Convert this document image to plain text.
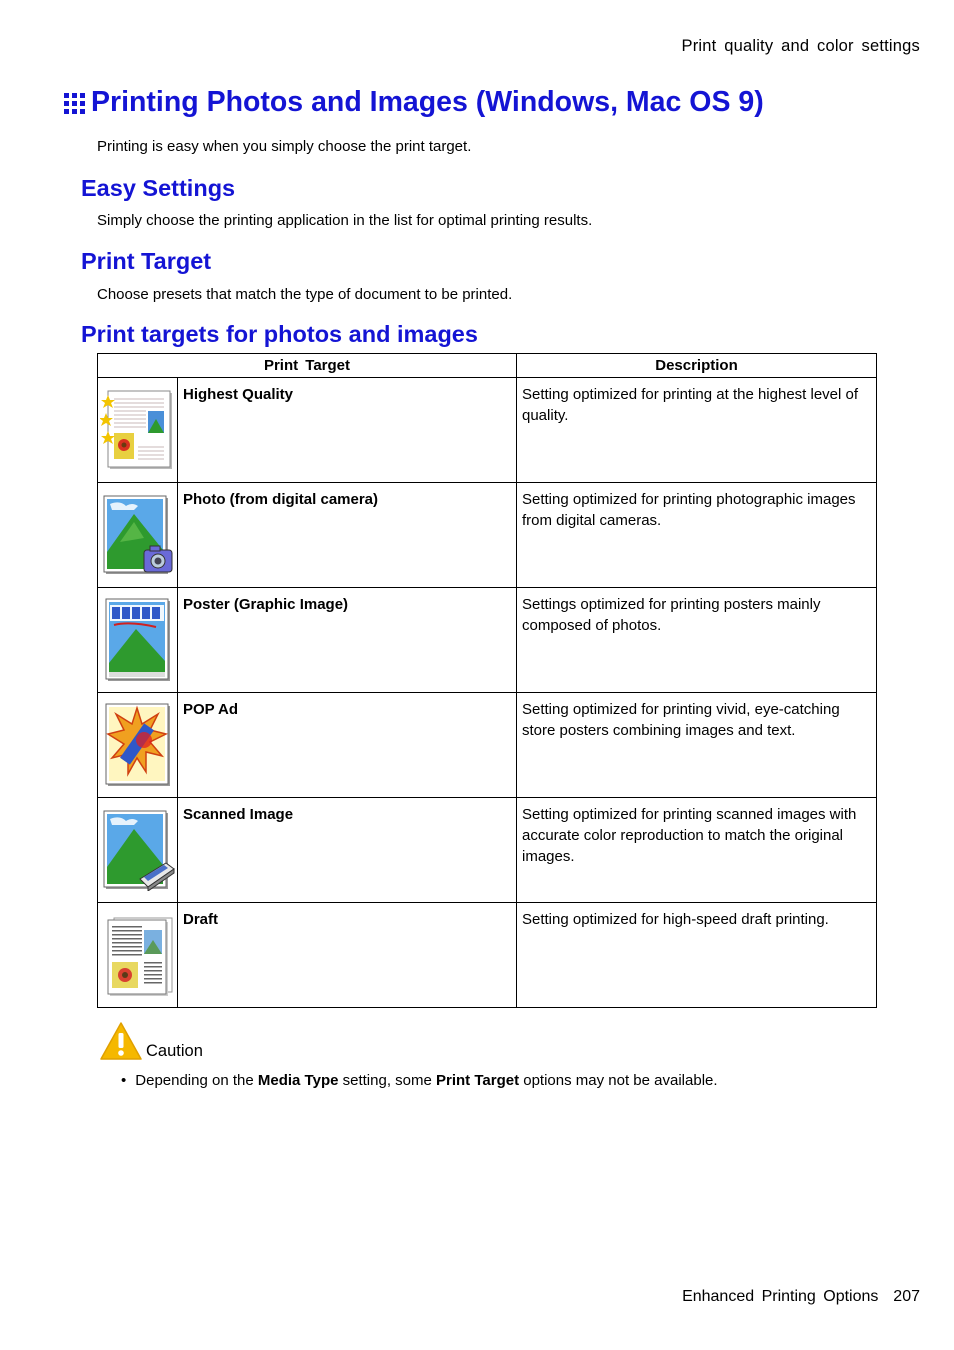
Print quality and color settings
Printing Photos and Images (Windows, Mac OS 9)
Printing is easy when you simply choose the print target.
Easy Settings
Simply choose the printing application in the list for optimal printing results.
Print Target
Choose presets that match the type of document to be printed.
Print targets for photos and images
Print Target		Description

	Highest Quality	Setting optimized for printing at the highest level of quality.

	Photo (from digital camera)	Setting optimized for printing photographic images from digital cameras.

	Poster (Graphic Image)	Settings optimized for printing posters mainly composed of photos.

	POP Ad	Setting optimized for printing vivid, eye-catching store posters combining images and text.

	Scanned Image	Setting optimized for printing scanned images with accurate color reproduction to match the original images.

	Draft	Setting optimized for high-speed draft printing.
Caution
• Depending on the Media Type setting, some Print Target options may not be available.
Enhanced Printing Options 207
